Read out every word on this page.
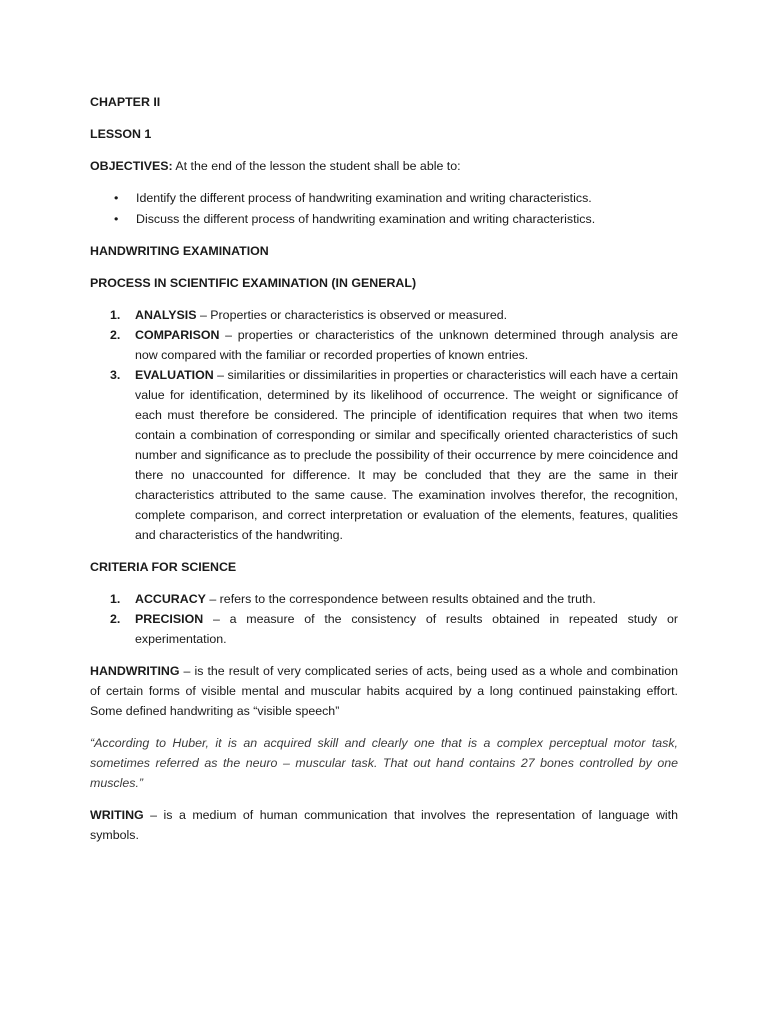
CHAPTER II

LESSON 1

OBJECTIVES: At the end of the lesson the student shall be able to:

• Identify the different process of handwriting examination and writing characteristics.
• Discuss the different process of handwriting examination and writing characteristics.

HANDWRITING EXAMINATION

PROCESS IN SCIENTIFIC EXAMINATION (IN GENERAL)

1. ANALYSIS – Properties or characteristics is observed or measured.
2. COMPARISON – properties or characteristics of the unknown determined through analysis are now compared with the familiar or recorded properties of known entries.
3. EVALUATION – similarities or dissimilarities in properties or characteristics will each have a certain value for identification, determined by its likelihood of occurrence. The weight or significance of each must therefore be considered. The principle of identification requires that when two items contain a combination of corresponding or similar and specifically oriented characteristics of such number and significance as to preclude the possibility of their occurrence by mere coincidence and there no unaccounted for difference. It may be concluded that they are the same in their characteristics attributed to the same cause. The examination involves therefor, the recognition, complete comparison, and correct interpretation or evaluation of the elements, features, qualities and characteristics of the handwriting.

CRITERIA FOR SCIENCE

1. ACCURACY – refers to the correspondence between results obtained and the truth.
2. PRECISION – a measure of the consistency of results obtained in repeated study or experimentation.

HANDWRITING – is the result of very complicated series of acts, being used as a whole and combination of certain forms of visible mental and muscular habits acquired by a long continued painstaking effort. Some defined handwriting as “visible speech”

“According to Huber, it is an acquired skill and clearly one that is a complex perceptual motor task, sometimes referred as the neuro – muscular task. That out hand contains 27 bones controlled by one muscles.”

WRITING – is a medium of human communication that involves the representation of language with symbols.
